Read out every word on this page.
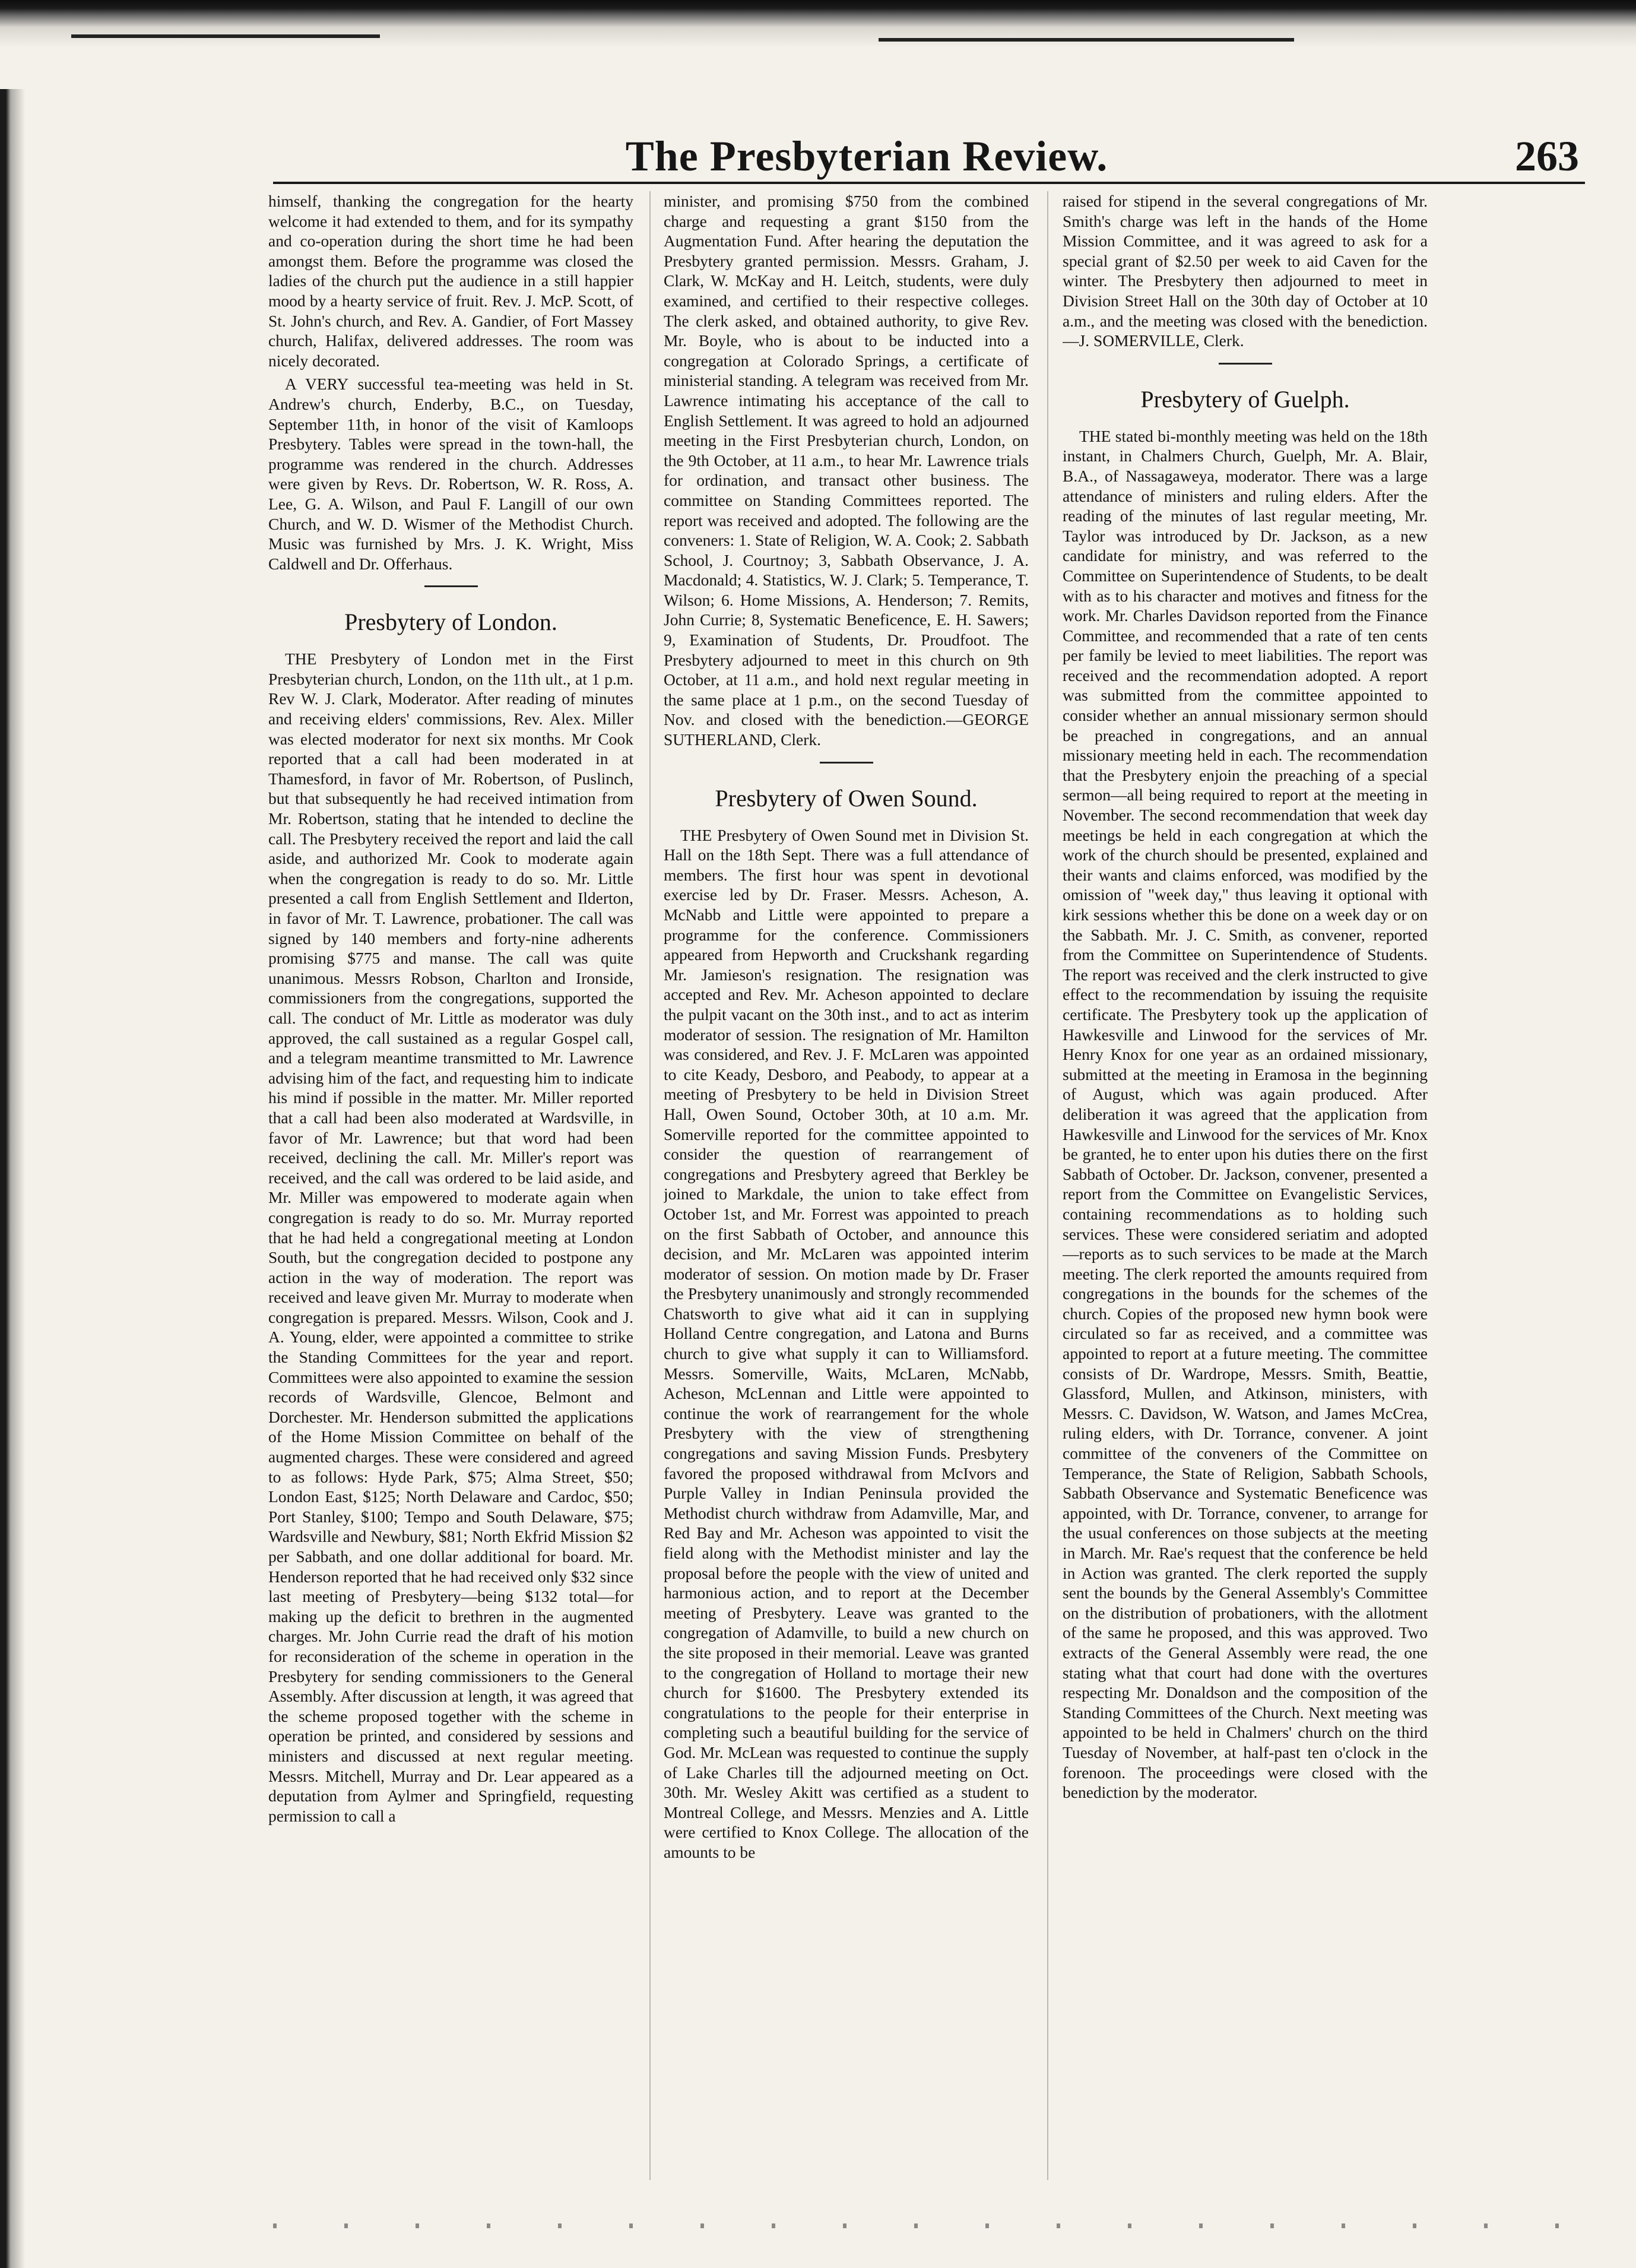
The Presbyterian Review.	263

himself, thanking the congregation for the hearty welcome it had extended to them, and for its sympathy and co-operation during the short time he had been amongst them. Before the programme was closed the ladies of the church put the audience in a still happier mood by a hearty service of fruit. Rev. J. McP. Scott, of St. John's church, and Rev. A. Gandier, of Fort Massey church, Halifax, delivered addresses. The room was nicely decorated.

A VERY successful tea-meeting was held in St. Andrew's church, Enderby, B.C., on Tuesday, September 11th, in honor of the visit of Kamloops Presbytery. Tables were spread in the town-hall, the programme was rendered in the church. Addresses were given by Revs. Dr. Robertson, W. R. Ross, A. Lee, G. A. Wilson, and Paul F. Langill of our own Church, and W. D. Wismer of the Methodist Church. Music was furnished by Mrs. J. K. Wright, Miss Caldwell and Dr. Offerhaus.

Presbytery of London.

THE Presbytery of London met in the First Presbyterian church, London, on the 11th ult., at 1 p.m. Rev W. J. Clark, Moderator. After reading of minutes and receiving elders' commissions, Rev. Alex. Miller was elected moderator for next six months. Mr Cook reported that a call had been moderated in at Thamesford, in favor of Mr. Robertson, of Puslinch, but that subsequently he had received intimation from Mr. Robertson, stating that he intended to decline the call. The Presbytery received the report and laid the call aside, and authorized Mr. Cook to moderate again when the congregation is ready to do so. Mr. Little presented a call from English Settlement and Ilderton, in favor of Mr. T. Lawrence, probationer. The call was signed by 140 members and forty-nine adherents promising $775 and manse. The call was quite unanimous. Messrs Robson, Charlton and Ironside, commissioners from the congregations, supported the call. The conduct of Mr. Little as moderator was duly approved, the call sustained as a regular Gospel call, and a telegram meantime transmitted to Mr. Lawrence advising him of the fact, and requesting him to indicate his mind if possible in the matter. Mr. Miller reported that a call had been also moderated at Wardsville, in favor of Mr. Lawrence; but that word had been received, declining the call. Mr. Miller's report was received, and the call was ordered to be laid aside, and Mr. Miller was empowered to moderate again when congregation is ready to do so. Mr. Murray reported that he had held a congregational meeting at London South, but the congregation decided to postpone any action in the way of moderation. The report was received and leave given Mr. Murray to moderate when congregation is prepared. Messrs. Wilson, Cook and J. A. Young, elder, were appointed a committee to strike the Standing Committees for the year and report. Committees were also appointed to examine the session records of Wardsville, Glencoe, Belmont and Dorchester. Mr. Henderson submitted the applications of the Home Mission Committee on behalf of the augmented charges. These were considered and agreed to as follows: Hyde Park, $75; Alma Street, $50; London East, $125; North Delaware and Cardoc, $50; Port Stanley, $100; Tempo and South Delaware, $75; Wardsville and Newbury, $81; North Ekfrid Mission $2 per Sabbath, and one dollar additional for board. Mr. Henderson reported that he had received only $32 since last meeting of Presbytery—being $132 total—for making up the deficit to brethren in the augmented charges. Mr. John Currie read the draft of his motion for reconsideration of the scheme in operation in the Presbytery for sending commissioners to the General Assembly. After discussion at length, it was agreed that the scheme proposed together with the scheme in operation be printed, and considered by sessions and ministers and discussed at next regular meeting. Messrs. Mitchell, Murray and Dr. Lear appeared as a deputation from Aylmer and Springfield, requesting permission to call a

minister, and promising $750 from the combined charge and requesting a grant $150 from the Augmentation Fund. After hearing the deputation the Presbytery granted permission. Messrs. Graham, J. Clark, W. McKay and H. Leitch, students, were duly examined, and certified to their respective colleges. The clerk asked, and obtained authority, to give Rev. Mr. Boyle, who is about to be inducted into a congregation at Colorado Springs, a certificate of ministerial standing. A telegram was received from Mr. Lawrence intimating his acceptance of the call to English Settlement. It was agreed to hold an adjourned meeting in the First Presbyterian church, London, on the 9th October, at 11 a.m., to hear Mr. Lawrence trials for ordination, and transact other business. The committee on Standing Committees reported. The report was received and adopted. The following are the conveners: 1. State of Religion, W. A. Cook; 2. Sabbath School, J. Courtnoy; 3, Sabbath Observance, J. A. Macdonald; 4. Statistics, W. J. Clark; 5. Temperance, T. Wilson; 6. Home Missions, A. Henderson; 7. Remits, John Currie; 8, Systematic Beneficence, E. H. Sawers; 9, Examination of Students, Dr. Proudfoot. The Presbytery adjourned to meet in this church on 9th October, at 11 a.m., and hold next regular meeting in the same place at 1 p.m., on the second Tuesday of Nov. and closed with the benediction.—GEORGE SUTHERLAND, Clerk.

Presbytery of Owen Sound.

THE Presbytery of Owen Sound met in Division St. Hall on the 18th Sept. There was a full attendance of members. The first hour was spent in devotional exercise led by Dr. Fraser. Messrs. Acheson, A. McNabb and Little were appointed to prepare a programme for the conference. Commissioners appeared from Hepworth and Cruckshank regarding Mr. Jamieson's resignation. The resignation was accepted and Rev. Mr. Acheson appointed to declare the pulpit vacant on the 30th inst., and to act as interim moderator of session. The resignation of Mr. Hamilton was considered, and Rev. J. F. McLaren was appointed to cite Keady, Desboro, and Peabody, to appear at a meeting of Presbytery to be held in Division Street Hall, Owen Sound, October 30th, at 10 a.m. Mr. Somerville reported for the committee appointed to consider the question of rearrangement of congregations and Presbytery agreed that Berkley be joined to Markdale, the union to take effect from October 1st, and Mr. Forrest was appointed to preach on the first Sabbath of October, and announce this decision, and Mr. McLaren was appointed interim moderator of session. On motion made by Dr. Fraser the Presbytery unanimously and strongly recommended Chatsworth to give what aid it can in supplying Holland Centre congregation, and Latona and Burns church to give what supply it can to Williamsford. Messrs. Somerville, Waits, McLaren, McNabb, Acheson, McLennan and Little were appointed to continue the work of rearrangement for the whole Presbytery with the view of strengthening congregations and saving Mission Funds. Presbytery favored the proposed withdrawal from McIvors and Purple Valley in Indian Peninsula provided the Methodist church withdraw from Adamville, Mar, and Red Bay and Mr. Acheson was appointed to visit the field along with the Methodist minister and lay the proposal before the people with the view of united and harmonious action, and to report at the December meeting of Presbytery. Leave was granted to the congregation of Adamville, to build a new church on the site proposed in their memorial. Leave was granted to the congregation of Holland to mortage their new church for $1600. The Presbytery extended its congratulations to the people for their enterprise in completing such a beautiful building for the service of God. Mr. McLean was requested to continue the supply of Lake Charles till the adjourned meeting on Oct. 30th. Mr. Wesley Akitt was certified as a student to Montreal College, and Messrs. Menzies and A. Little were certified to Knox College. The allocation of the amounts to be

raised for stipend in the several congregations of Mr. Smith's charge was left in the hands of the Home Mission Committee, and it was agreed to ask for a special grant of $2.50 per week to aid Caven for the winter. The Presbytery then adjourned to meet in Division Street Hall on the 30th day of October at 10 a.m., and the meeting was closed with the benediction.—J. SOMERVILLE, Clerk.

Presbytery of Guelph.

THE stated bi-monthly meeting was held on the 18th instant, in Chalmers Church, Guelph, Mr. A. Blair, B.A., of Nassagaweya, moderator. There was a large attendance of ministers and ruling elders. After the reading of the minutes of last regular meeting, Mr. Taylor was introduced by Dr. Jackson, as a new candidate for ministry, and was referred to the Committee on Superintendence of Students, to be dealt with as to his character and motives and fitness for the work. Mr. Charles Davidson reported from the Finance Committee, and recommended that a rate of ten cents per family be levied to meet liabilities. The report was received and the recommendation adopted. A report was submitted from the committee appointed to consider whether an annual missionary sermon should be preached in congregations, and an annual missionary meeting held in each. The recommendation that the Presbytery enjoin the preaching of a special sermon—all being required to report at the meeting in November. The second recommendation that week day meetings be held in each congregation at which the work of the church should be presented, explained and their wants and claims enforced, was modified by the omission of "week day," thus leaving it optional with kirk sessions whether this be done on a week day or on the Sabbath. Mr. J. C. Smith, as convener, reported from the Committee on Superintendence of Students. The report was received and the clerk instructed to give effect to the recommendation by issuing the requisite certificate. The Presbytery took up the application of Hawkesville and Linwood for the services of Mr. Henry Knox for one year as an ordained missionary, submitted at the meeting in Eramosa in the beginning of August, which was again produced. After deliberation it was agreed that the application from Hawkesville and Linwood for the services of Mr. Knox be granted, he to enter upon his duties there on the first Sabbath of October. Dr. Jackson, convener, presented a report from the Committee on Evangelistic Services, containing recommendations as to holding such services. These were considered seriatim and adopted—reports as to such services to be made at the March meeting. The clerk reported the amounts required from congregations in the bounds for the schemes of the church. Copies of the proposed new hymn book were circulated so far as received, and a committee was appointed to report at a future meeting. The committee consists of Dr. Wardrope, Messrs. Smith, Beattie, Glassford, Mullen, and Atkinson, ministers, with Messrs. C. Davidson, W. Watson, and James McCrea, ruling elders, with Dr. Torrance, convener. A joint committee of the conveners of the Committee on Temperance, the State of Religion, Sabbath Schools, Sabbath Observance and Systematic Beneficence was appointed, with Dr. Torrance, convener, to arrange for the usual conferences on those subjects at the meeting in March. Mr. Rae's request that the conference be held in Action was granted. The clerk reported the supply sent the bounds by the General Assembly's Committee on the distribution of probationers, with the allotment of the same he proposed, and this was approved. Two extracts of the General Assembly were read, the one stating what that court had done with the overtures respecting Mr. Donaldson and the composition of the Standing Committees of the Church. Next meeting was appointed to be held in Chalmers' church on the third Tuesday of November, at half-past ten o'clock in the forenoon. The proceedings were closed with the benediction by the moderator.
